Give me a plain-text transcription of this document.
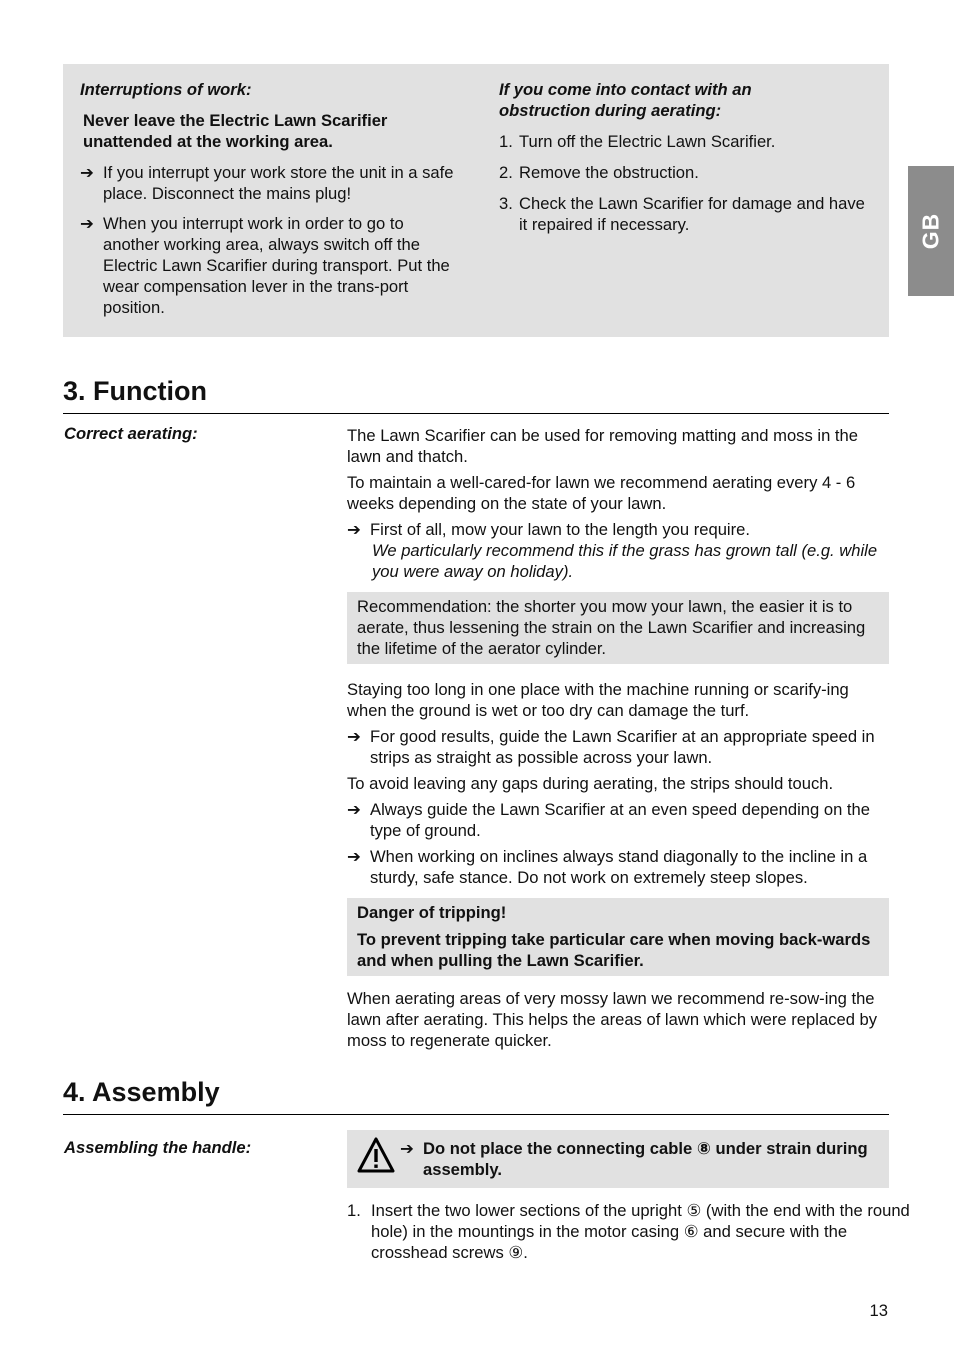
GB

Interruptions of work:

Never leave the Electric Lawn Scarifier unattended at the working area.

➔ If you interrupt your work store the unit in a safe place. Disconnect the mains plug!
➔ When you interrupt work in order to go to another working area, always switch off the Electric Lawn Scarifier during transport. Put the wear compensation lever in the trans-port position.

If you come into contact with an obstruction during aerating:

1. Turn off the Electric Lawn Scarifier.
2. Remove the obstruction.
3. Check the Lawn Scarifier for damage and have it repaired if necessary.
3. Function

Correct aerating:	The Lawn Scarifier can be used for removing matting and moss in the lawn and thatch.

To maintain a well-cared-for lawn we recommend aerating every 4 - 6 weeks depending on the state of your lawn.

➔ First of all, mow your lawn to the length you require.

We particularly recommend this if the grass has grown tall (e.g. while you were away on holiday).

Recommendation: the shorter you mow your lawn, the easier it is to aerate, thus lessening the strain on the Lawn Scarifier and increasing the lifetime of the aerator cylinder.

Staying too long in one place with the machine running or scarify-ing when the ground is wet or too dry can damage the turf.

➔ For good results, guide the Lawn Scarifier at an appropriate speed in strips as straight as possible across your lawn.

To avoid leaving any gaps during aerating, the strips should touch.

➔ Always guide the Lawn Scarifier at an even speed depending on the type of ground.
➔ When working on inclines always stand diagonally to the incline in a sturdy, safe stance. Do not work on extremely steep slopes.

Danger of tripping!

To prevent tripping take particular care when moving back-wards and when pulling the Lawn Scarifier.

When aerating areas of very mossy lawn we recommend re-sow-ing the lawn after aerating. This helps the areas of lawn which were replaced by moss to regenerate quicker.

4. Assembly

Assembling the handle:	➔ Do not place the connecting cable ⑧ under strain during assembly.
1. Insert the two lower sections of the upright ⑤ (with the end with the round hole) in the mountings in the motor casing ⑥ and secure with the crosshead screws ⑨.

13
